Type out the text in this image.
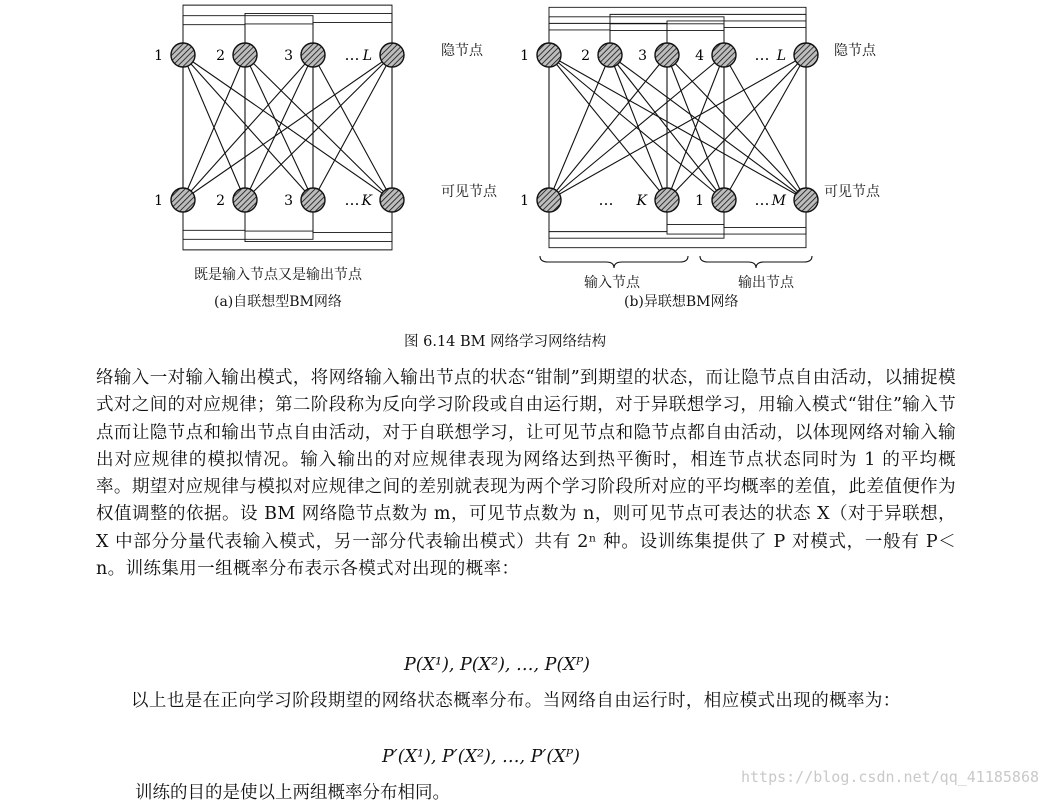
1	2	3	… L
1	2	3	… K
1	2	3	4	… L
1	… K	1	… M
隐节点
可见节点
既是输入节点又是输出节点
(a)自联想型BM网络
隐节点
可见节点
输入节点	输出节点
(b)异联想BM网络
图 6.14 BM 网络学习网络结构

络输入一对输入输出模式，将网络输入输出节点的状态“钳制”到期望的状态，而让隐节点自由活动，以捕捉模式对之间的对应规律；第二阶段称为反向学习阶段或自由运行期，对于异联想学习，用输入模式“钳住”输入节点而让隐节点和输出节点自由活动，对于自联想学习，让可见节点和隐节点都自由活动，以体现网络对输入输出对应规律的模拟情况。输入输出的对应规律表现为网络达到热平衡时，相连节点状态同时为 1 的平均概率。期望对应规律与模拟对应规律之间的差别就表现为两个学习阶段所对应的平均概率的差值，此差值便作为权值调整的依据。设 BM 网络隐节点数为 m，可见节点数为 n，则可见节点可表达的状态 X（对于异联想，X 中部分分量代表输入模式，另一部分代表输出模式）共有 2ⁿ 种。设训练集提供了 P 对模式，一般有 P＜n。训练集用一组概率分布表示各模式对出现的概率：

P(X¹), P(X²), …, P(Xᴾ)

以上也是在正向学习阶段期望的网络状态概率分布。当网络自由运行时，相应模式出现的概率为：

P′(X¹), P′(X²), …, P′(Xᴾ)
训练的目的是使以上两组概率分布相同。
https://blog.csdn.net/qq_41185868
